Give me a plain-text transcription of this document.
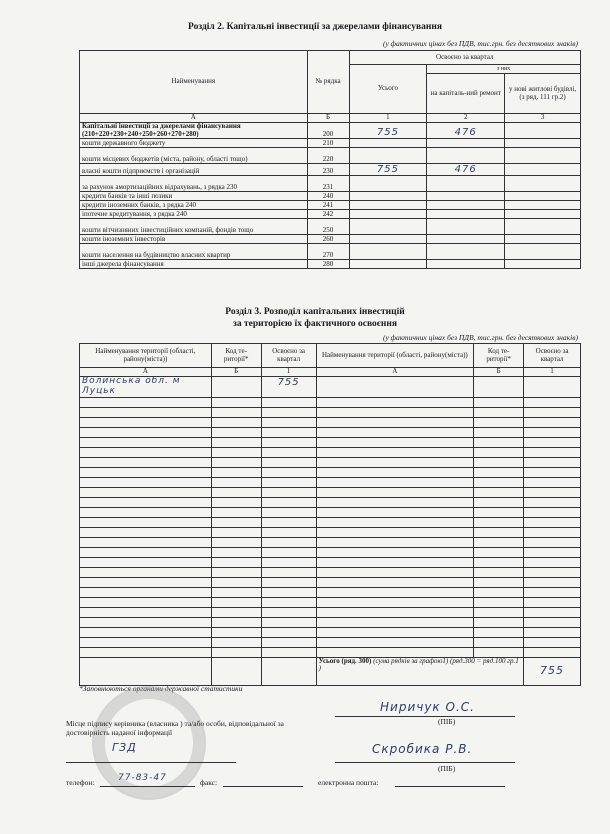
Розділ 2. Капітальні інвестиції за джерелами фінансування
(у фактичних цінах без ПДВ, тис.грн. без десяткових знаків)
Найменування	№ рядка	Освоєно за квартал		
		Усього	з них	
			на капіталь-ний ремонт	у нові житлові будівлі, (з ряд. 111 гр.2)
А	Б	1	2	3
Капітальні інвестиції за джерелами фінансування (210+220+230+240+250+260+270+280)	200	755	476	
кошти державного бюджету	210			
кошти місцевих бюджетів (міста, району, області тощо)	220			
власні кошти підприємств і організацій	230	755	476	
за рахунок амортизаційних відрахувань, з рядка 230	231			
кредити банків та інші позики	240			
кредити іноземних банків, з рядка 240	241			
іпотечне кредитування, з рядка 240	242			
кошти вітчизняних інвестиційних компаній, фондів тощо	250			
кошти іноземних інвесторів	260			
кошти населення на будівництво власних квартир	270			
інші джерела фінансування	280			
Розділ 3. Розподіл капітальних інвестицій
за територією їх фактичного освоєння
(у фактичних цінах без ПДВ, тис.грн. без десяткових знаків)
Найменування території (області, району(міста))	Код те-риторії*	Освоєно за квартал	Найменування території (області, району(міста))	Код те-риторії*	Освоєно за квартал
А	Б	1	А	Б	1
Волинська обл. м Луцьк		755			

			Усього (ряд. 300) (сума рядків за графою1) (ряд.300 = ряд.100 гр.1 )		755
*Заповнюються органами державної статистики
Ниричук О.С.
(ПІБ)
Місце підпису керівника (власника ) та/або особи, відповідальної за достовірність наданої інформації
ГЗД	Скробика Р.В.
(ПІБ)
телефон:	77-83-47	факс:	електронна пошта:
